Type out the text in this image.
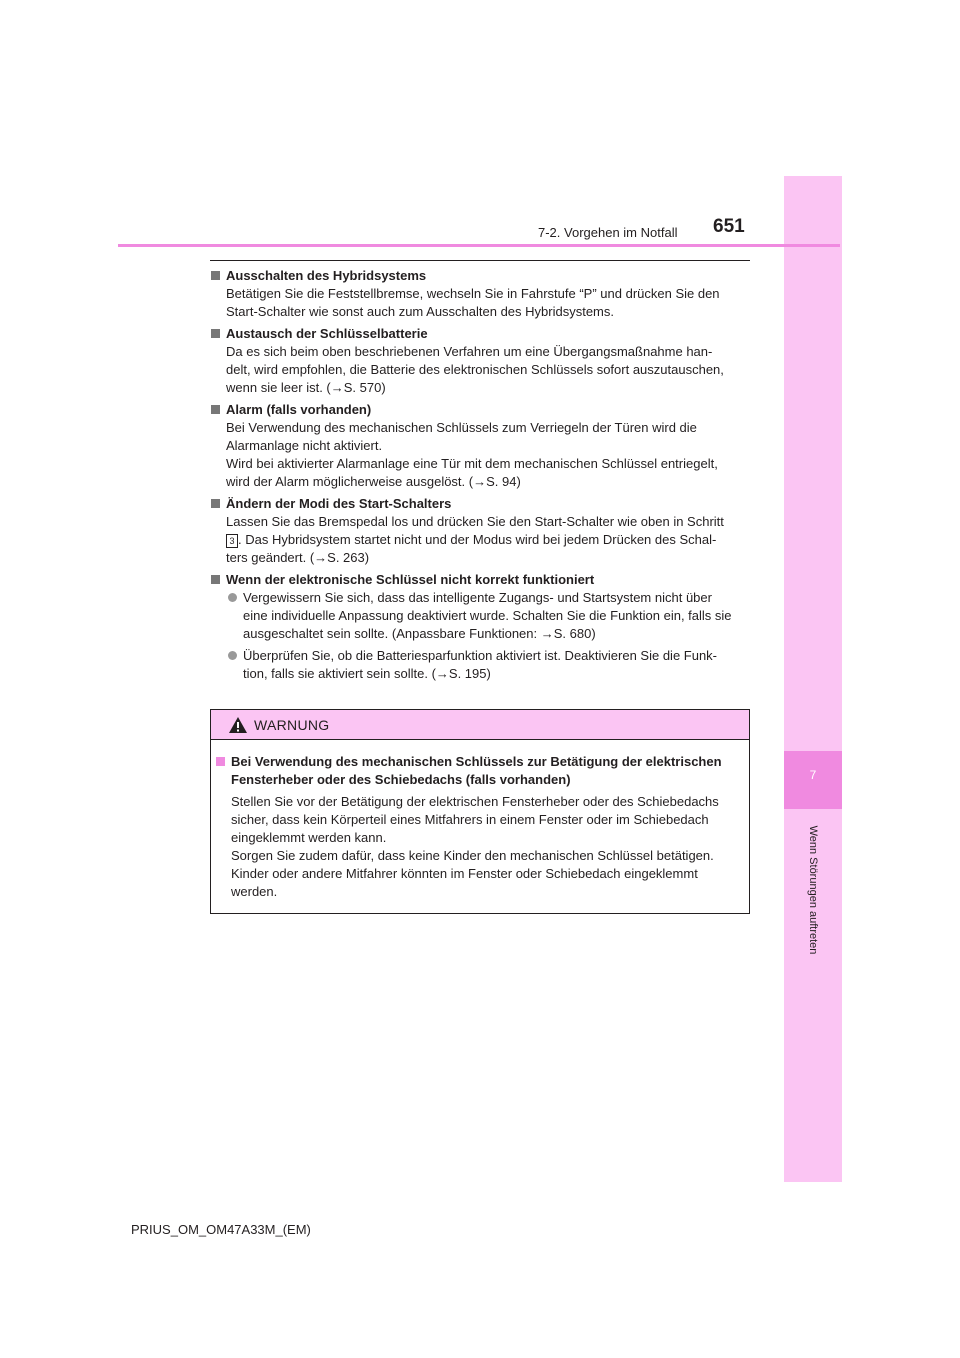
7
Wenn Störungen auftreten
7-2. Vorgehen im Notfall 651
Ausschalten des Hybridsystems
Betätigen Sie die Feststellbremse, wechseln Sie in Fahrstufe “P” und drücken Sie den
Start-Schalter wie sonst auch zum Ausschalten des Hybridsystems.
Austausch der Schlüsselbatterie
Da es sich beim oben beschriebenen Verfahren um eine Übergangsmaßnahme han-
delt, wird empfohlen, die Batterie des elektronischen Schlüssels sofort auszutauschen,
wenn sie leer ist. (→S. 570)
Alarm (falls vorhanden)
Bei Verwendung des mechanischen Schlüssels zum Verriegeln der Türen wird die
Alarmanlage nicht aktiviert.
Wird bei aktivierter Alarmanlage eine Tür mit dem mechanischen Schlüssel entriegelt,
wird der Alarm möglicherweise ausgelöst. (→S. 94)
Ändern der Modi des Start-Schalters
Lassen Sie das Bremspedal los und drücken Sie den Start-Schalter wie oben in Schritt
3 . Das Hybridsystem startet nicht und der Modus wird bei jedem Drücken des Schal-
ters geändert. (→S. 263)
Wenn der elektronische Schlüssel nicht korrekt funktioniert
Vergewissern Sie sich, dass das intelligente Zugangs- und Startsystem nicht über
eine individuelle Anpassung deaktiviert wurde. Schalten Sie die Funktion ein, falls sie
ausgeschaltet sein sollte. (Anpassbare Funktionen: →S. 680)
Überprüfen Sie, ob die Batteriesparfunktion aktiviert ist. Deaktivieren Sie die Funk-
tion, falls sie aktiviert sein sollte. (→S. 195)
WARNUNG
Bei Verwendung des mechanischen Schlüssels zur Betätigung der elektrischen
Fensterheber oder des Schiebedachs (falls vorhanden)
Stellen Sie vor der Betätigung der elektrischen Fensterheber oder des Schiebedachs
sicher, dass kein Körperteil eines Mitfahrers in einem Fenster oder im Schiebedach
eingeklemmt werden kann.
Sorgen Sie zudem dafür, dass keine Kinder den mechanischen Schlüssel betätigen.
Kinder oder andere Mitfahrer könnten im Fenster oder Schiebedach eingeklemmt
werden.
PRIUS_OM_OM47A33M_(EM)
